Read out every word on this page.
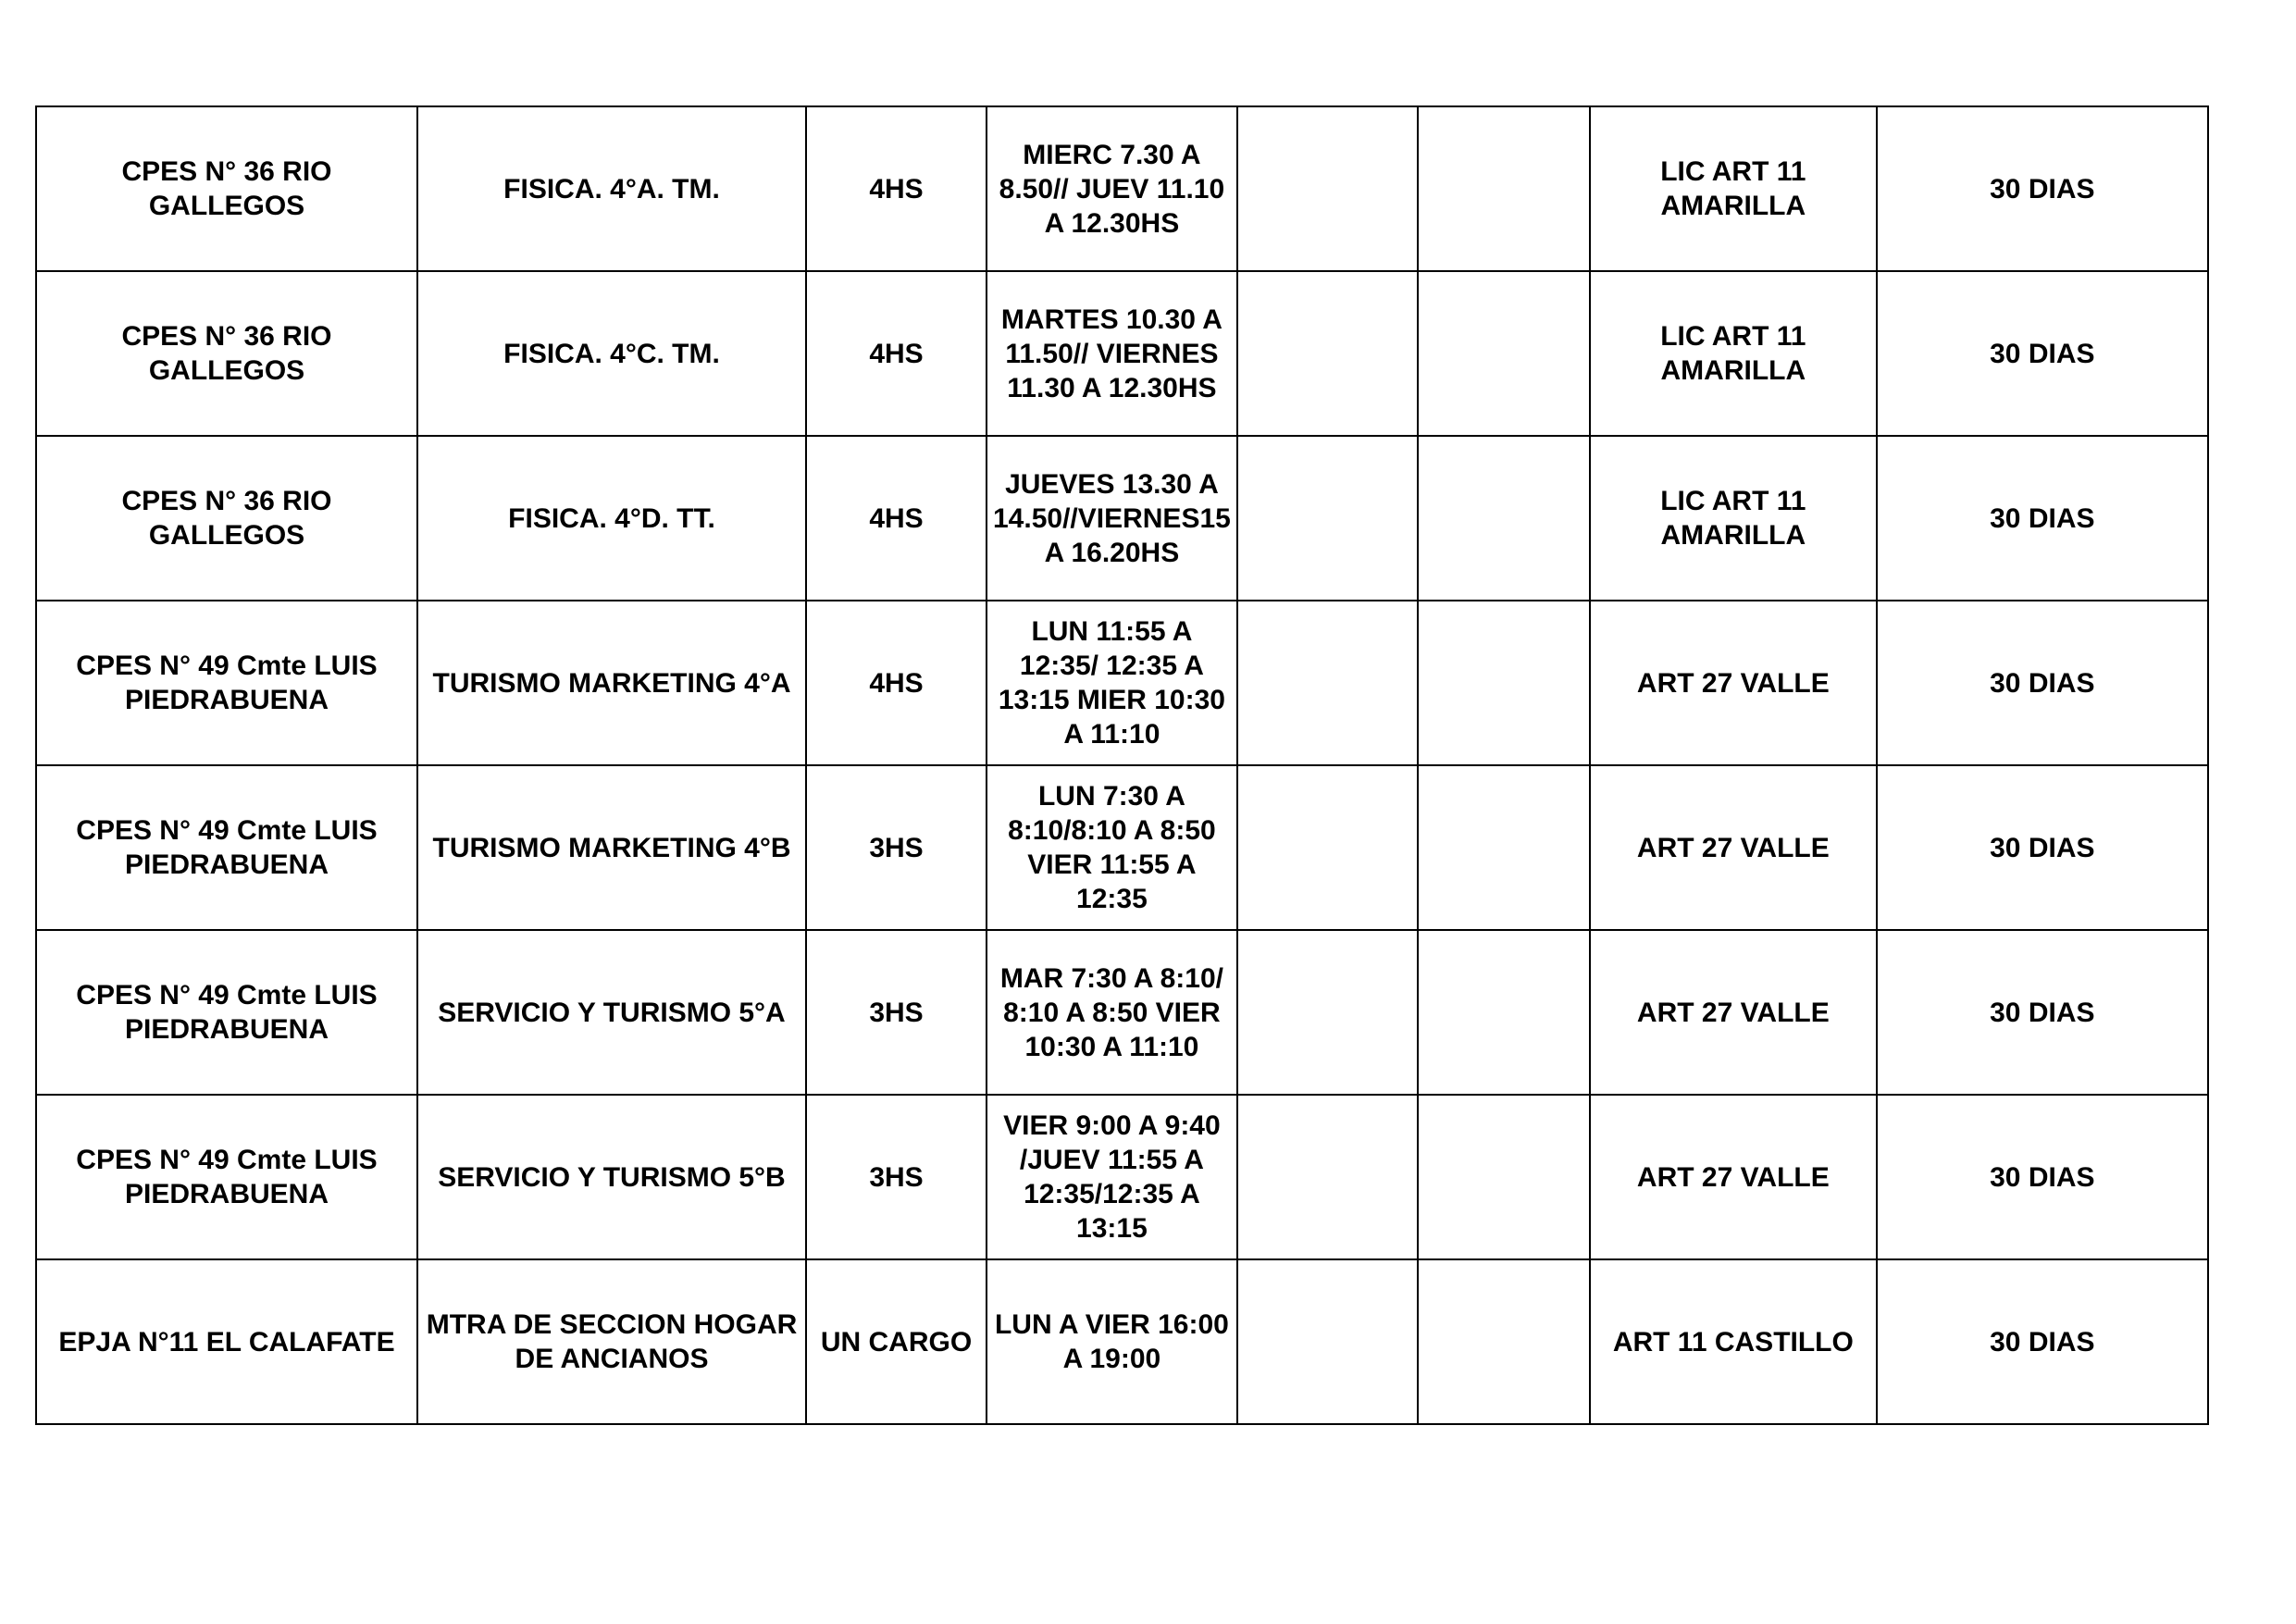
CPES N° 36 RIO
GALLEGOS	FISICA. 4°A. TM.	4HS	MIERC 7.30 A
8.50// JUEV 11.10
A 12.30HS			LIC ART 11
AMARILLA	30 DIAS
CPES N° 36 RIO
GALLEGOS	FISICA. 4°C. TM.	4HS	MARTES 10.30 A
11.50// VIERNES
11.30 A 12.30HS			LIC ART 11
AMARILLA	30 DIAS
CPES N° 36 RIO
GALLEGOS	FISICA. 4°D. TT.	4HS	JUEVES 13.30 A
14.50//VIERNES15
A 16.20HS			LIC ART 11
AMARILLA	30 DIAS
CPES N° 49 Cmte LUIS
PIEDRABUENA	TURISMO MARKETING 4°A	4HS	LUN 11:55 A
12:35/ 12:35 A
13:15 MIER 10:30
A 11:10			ART 27 VALLE	30 DIAS
CPES N° 49 Cmte LUIS
PIEDRABUENA	TURISMO MARKETING 4°B	3HS	LUN 7:30 A
8:10/8:10 A 8:50
VIER 11:55 A
12:35			ART 27 VALLE	30 DIAS
CPES N° 49 Cmte LUIS
PIEDRABUENA	SERVICIO Y TURISMO 5°A	3HS	MAR 7:30 A 8:10/
8:10 A 8:50 VIER
10:30 A 11:10			ART 27 VALLE	30 DIAS
CPES N° 49 Cmte LUIS
PIEDRABUENA	SERVICIO Y TURISMO 5°B	3HS	VIER 9:00 A 9:40
/JUEV 11:55 A
12:35/12:35 A
13:15			ART 27 VALLE	30 DIAS
EPJA N°11 EL CALAFATE	MTRA DE SECCION HOGAR
DE ANCIANOS	UN CARGO	LUN A VIER 16:00
A 19:00			ART 11 CASTILLO	30 DIAS
